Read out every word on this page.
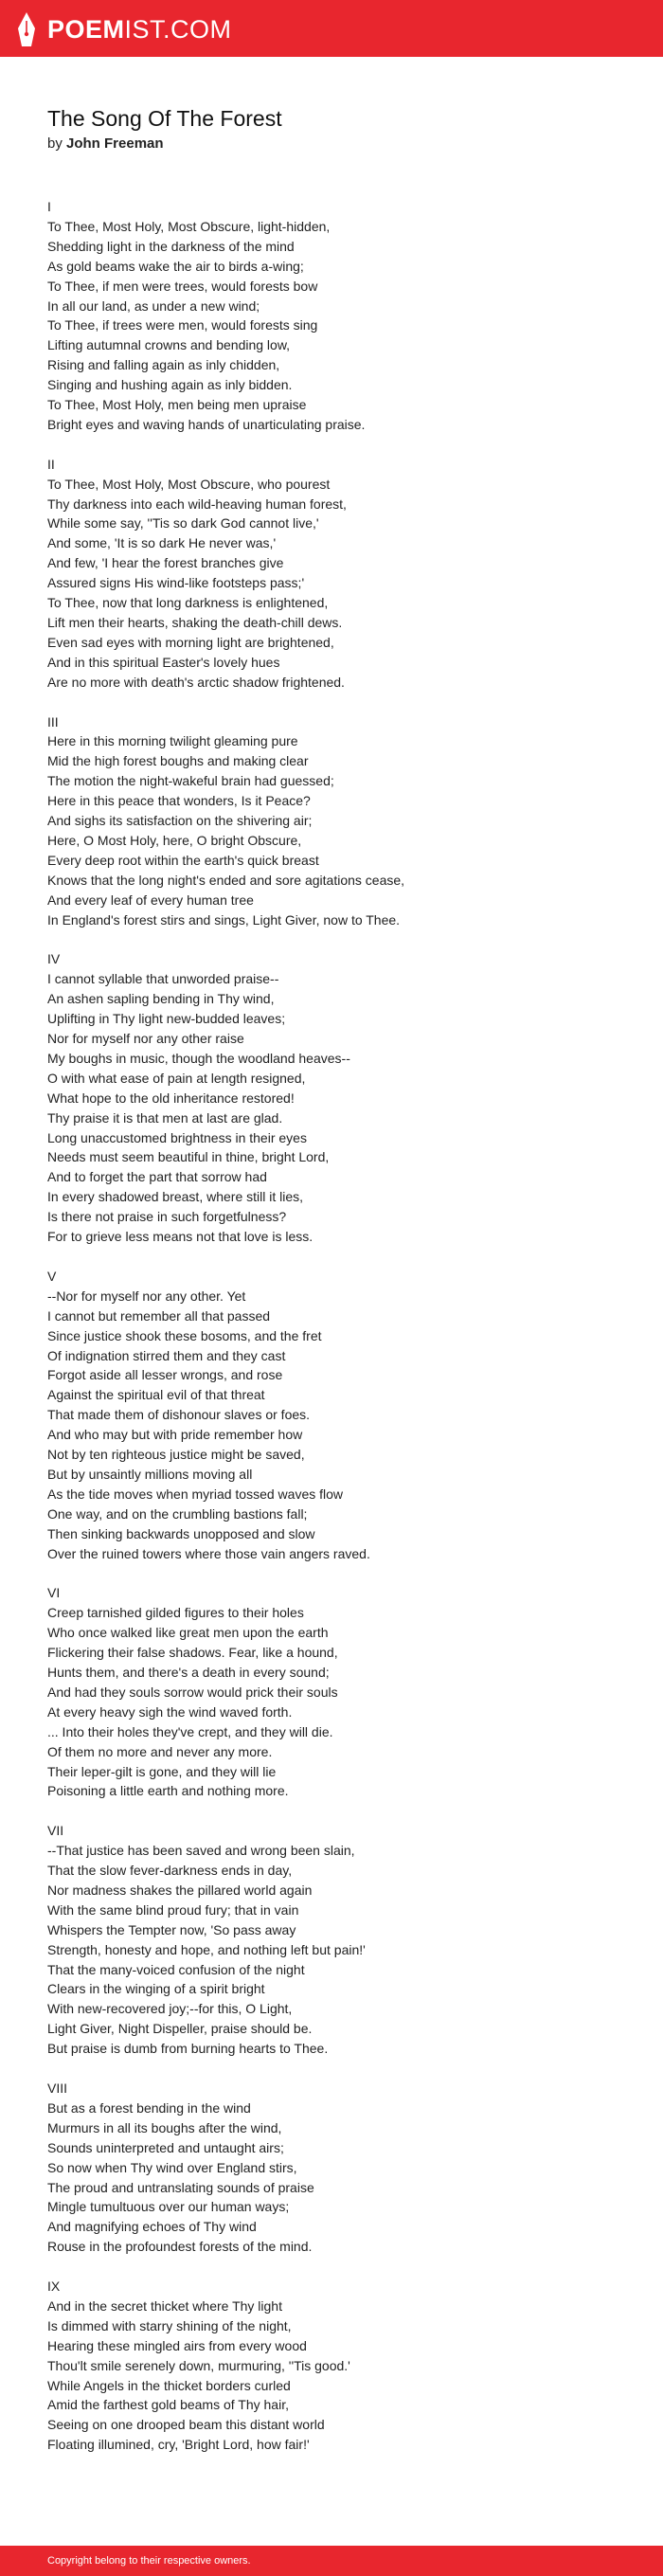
POEMIST.COM
The Song Of The Forest
by John Freeman
I
To Thee, Most Holy, Most Obscure, light-hidden,
Shedding light in the darkness of the mind
As gold beams wake the air to birds a-wing;
To Thee, if men were trees, would forests bow
In all our land, as under a new wind;
To Thee, if trees were men, would forests sing
Lifting autumnal crowns and bending low,
Rising and falling again as inly chidden,
Singing and hushing again as inly bidden.
To Thee, Most Holy, men being men upraise
Bright eyes and waving hands of unarticulating praise.
II
To Thee, Most Holy, Most Obscure, who pourest
Thy darkness into each wild-heaving human forest,
While some say, ''Tis so dark God cannot live,'
And some, 'It is so dark He never was,'
And few, 'I hear the forest branches give
Assured signs His wind-like footsteps pass;'
To Thee, now that long darkness is enlightened,
Lift men their hearts, shaking the death-chill dews.
Even sad eyes with morning light are brightened,
And in this spiritual Easter's lovely hues
Are no more with death's arctic shadow frightened.
III
Here in this morning twilight gleaming pure
Mid the high forest boughs and making clear
The motion the night-wakeful brain had guessed;
Here in this peace that wonders, Is it Peace?
And sighs its satisfaction on the shivering air;
Here, O Most Holy, here, O bright Obscure,
Every deep root within the earth's quick breast
Knows that the long night's ended and sore agitations cease,
And every leaf of every human tree
In England's forest stirs and sings, Light Giver, now to Thee.
IV
I cannot syllable that unworded praise--
An ashen sapling bending in Thy wind,
Uplifting in Thy light new-budded leaves;
Nor for myself nor any other raise
My boughs in music, though the woodland heaves--
O with what ease of pain at length resigned,
What hope to the old inheritance restored!
Thy praise it is that men at last are glad.
Long unaccustomed brightness in their eyes
Needs must seem beautiful in thine, bright Lord,
And to forget the part that sorrow had
In every shadowed breast, where still it lies,
Is there not praise in such forgetfulness?
For to grieve less means not that love is less.
V
--Nor for myself nor any other. Yet
I cannot but remember all that passed
Since justice shook these bosoms, and the fret
Of indignation stirred them and they cast
Forgot aside all lesser wrongs, and rose
Against the spiritual evil of that threat
That made them of dishonour slaves or foes.
And who may but with pride remember how
Not by ten righteous justice might be saved,
But by unsaintly millions moving all
As the tide moves when myriad tossed waves flow
One way, and on the crumbling bastions fall;
Then sinking backwards unopposed and slow
Over the ruined towers where those vain angers raved.
VI
Creep tarnished gilded figures to their holes
Who once walked like great men upon the earth
Flickering their false shadows. Fear, like a hound,
Hunts them, and there's a death in every sound;
And had they souls sorrow would prick their souls
At every heavy sigh the wind waved forth.
... Into their holes they've crept, and they will die.
Of them no more and never any more.
Their leper-gilt is gone, and they will lie
Poisoning a little earth and nothing more.
VII
--That justice has been saved and wrong been slain,
That the slow fever-darkness ends in day,
Nor madness shakes the pillared world again
With the same blind proud fury; that in vain
Whispers the Tempter now, 'So pass away
Strength, honesty and hope, and nothing left but pain!'
That the many-voiced confusion of the night
Clears in the winging of a spirit bright
With new-recovered joy;--for this, O Light,
Light Giver, Night Dispeller, praise should be.
But praise is dumb from burning hearts to Thee.
VIII
But as a forest bending in the wind
Murmurs in all its boughs after the wind,
Sounds uninterpreted and untaught airs;
So now when Thy wind over England stirs,
The proud and untranslating sounds of praise
Mingle tumultuous over our human ways;
And magnifying echoes of Thy wind
Rouse in the profoundest forests of the mind.
IX
And in the secret thicket where Thy light
Is dimmed with starry shining of the night,
Hearing these mingled airs from every wood
Thou'lt smile serenely down, murmuring, ''Tis good.'
While Angels in the thicket borders curled
Amid the farthest gold beams of Thy hair,
Seeing on one drooped beam this distant world
Floating illumined, cry, 'Bright Lord, how fair!'
Copyright belong to their respective owners.
